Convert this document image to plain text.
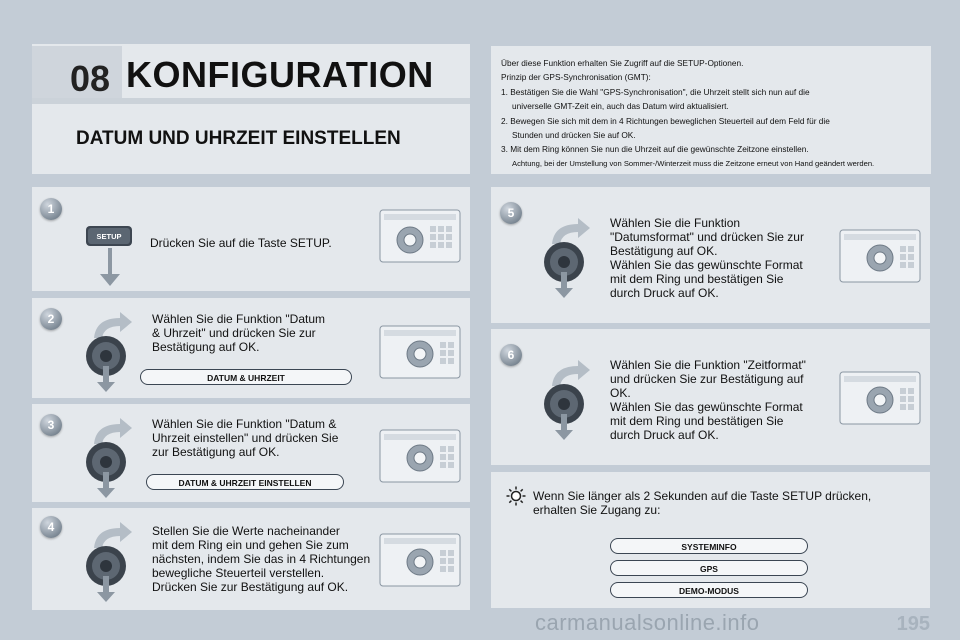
08 KONFIGURATION
DATUM UND UHRZEIT EINSTELLEN
Über diese Funktion erhalten Sie Zugriff auf die SETUP-Optionen.
Prinzip der GPS-Synchronisation (GMT):
1. Bestätigen Sie die Wahl "GPS-Synchronisation", die Uhrzeit stellt sich nun auf die
universelle GMT-Zeit ein, auch das Datum wird aktualisiert.
2. Bewegen Sie sich mit dem in 4 Richtungen beweglichen Steuerteil auf dem Feld für die
Stunden und drücken Sie auf OK.
3. Mit dem Ring können Sie nun die Uhrzeit auf die gewünschte Zeitzone einstellen.
Achtung, bei der Umstellung von Sommer-/Winterzeit muss die Zeitzone erneut von Hand geändert werden.
1
2
3
4
5
6
SETUP	Drücken Sie auf die Taste SETUP.
Wählen Sie die Funktion "Datum
& Uhrzeit" und drücken Sie zur
Bestätigung auf OK.
DATUM & UHRZEIT
Wählen Sie die Funktion "Datum &
Uhrzeit einstellen" und drücken Sie
zur Bestätigung auf OK.
DATUM & UHRZEIT EINSTELLEN
Stellen Sie die Werte nacheinander
mit dem Ring ein und gehen Sie zum
nächsten, indem Sie das in 4 Richtungen
bewegliche Steuerteil verstellen.
Drücken Sie zur Bestätigung auf OK.
Wählen Sie die Funktion
"Datumsformat" und drücken Sie zur
Bestätigung auf OK.
Wählen Sie das gewünschte Format
mit dem Ring und bestätigen Sie
durch Druck auf OK.
Wählen Sie die Funktion "Zeitformat"
und drücken Sie zur Bestätigung auf
OK.
Wählen Sie das gewünschte Format
mit dem Ring und bestätigen Sie
durch Druck auf OK.
Wenn Sie länger als 2 Sekunden auf die Taste SETUP drücken,
erhalten Sie Zugang zu:
SYSTEMINFO
GPS
DEMO-MODUS
195
carmanualsonline.info
